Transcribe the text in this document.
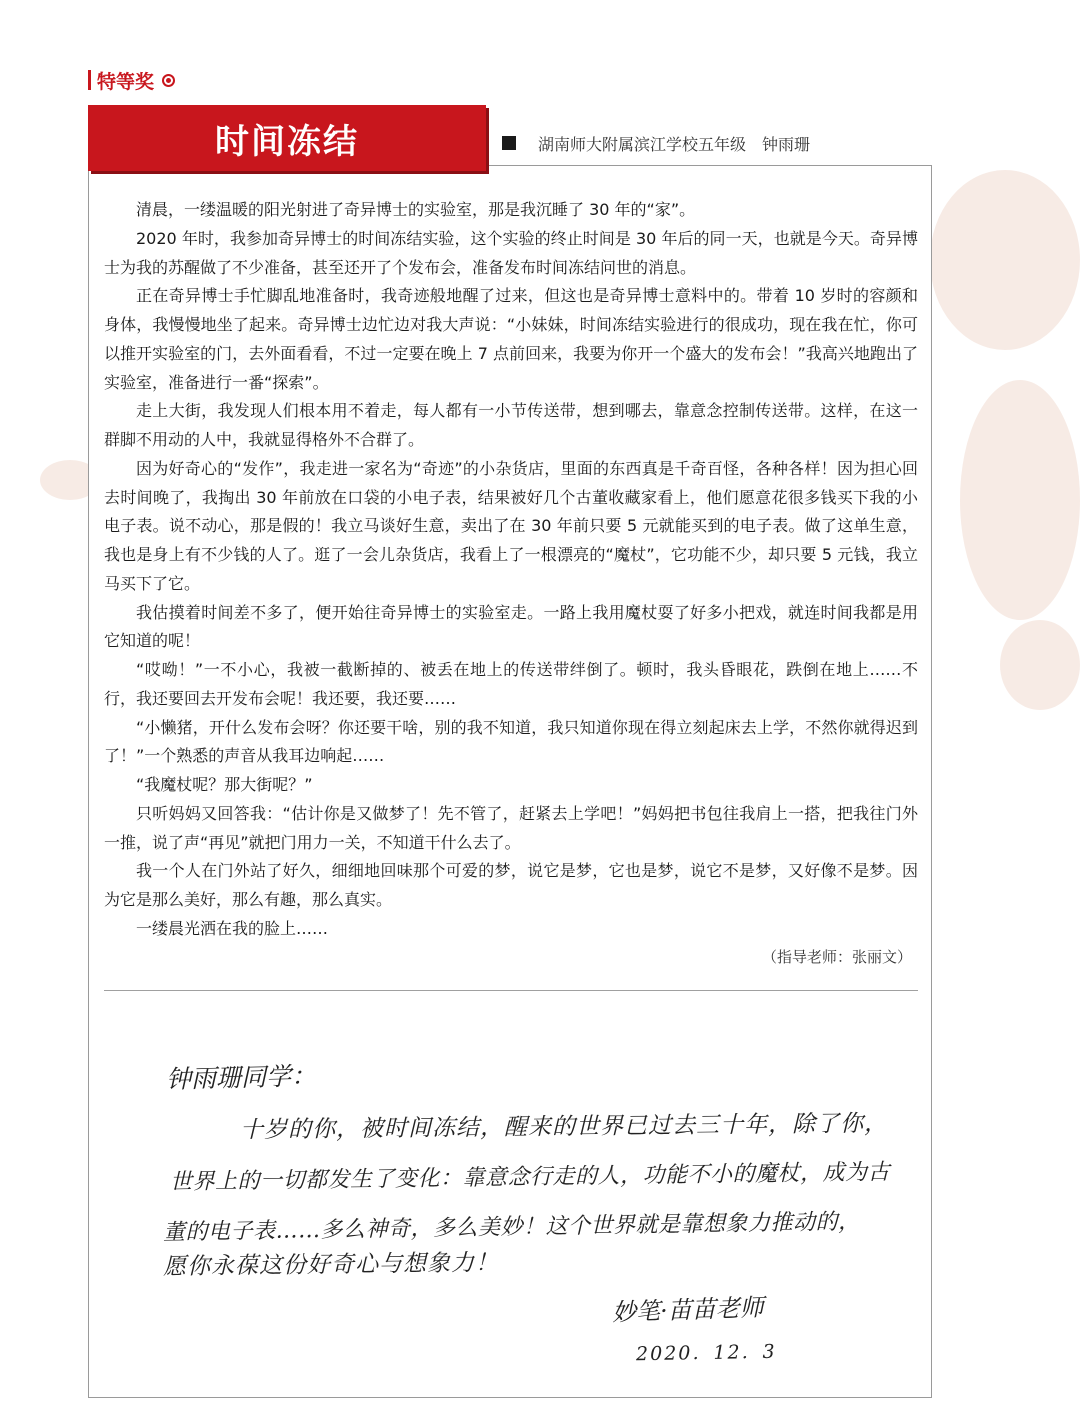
特等奖
时间冻结	湖南师大附属滨江学校五年级　钟雨珊

清晨，一缕温暖的阳光射进了奇异博士的实验室，那是我沉睡了 30 年的“家”。

2020 年时，我参加奇异博士的时间冻结实验，这个实验的终止时间是 30 年后的同一天，也就是今天。奇异博士为我的苏醒做了不少准备，甚至还开了个发布会，准备发布时间冻结问世的消息。

正在奇异博士手忙脚乱地准备时，我奇迹般地醒了过来，但这也是奇异博士意料中的。带着 10 岁时的容颜和身体，我慢慢地坐了起来。奇异博士边忙边对我大声说：“小妹妹，时间冻结实验进行的很成功，现在我在忙，你可以推开实验室的门，去外面看看，不过一定要在晚上 7 点前回来，我要为你开一个盛大的发布会！”我高兴地跑出了实验室，准备进行一番“探索”。

走上大街，我发现人们根本用不着走，每人都有一小节传送带，想到哪去，靠意念控制传送带。这样，在这一群脚不用动的人中，我就显得格外不合群了。

因为好奇心的“发作”，我走进一家名为“奇迹”的小杂货店，里面的东西真是千奇百怪，各种各样！因为担心回去时间晚了，我掏出 30 年前放在口袋的小电子表，结果被好几个古董收藏家看上，他们愿意花很多钱买下我的小电子表。说不动心，那是假的！我立马谈好生意，卖出了在 30 年前只要 5 元就能买到的电子表。做了这单生意，我也是身上有不少钱的人了。逛了一会儿杂货店，我看上了一根漂亮的“魔杖”，它功能不少，却只要 5 元钱，我立马买下了它。

我估摸着时间差不多了，便开始往奇异博士的实验室走。一路上我用魔杖耍了好多小把戏，就连时间我都是用它知道的呢！

“哎呦！”一不小心，我被一截断掉的、被丢在地上的传送带绊倒了。顿时，我头昏眼花，跌倒在地上……不行，我还要回去开发布会呢！我还要，我还要……

“小懒猪，开什么发布会呀？你还要干啥，别的我不知道，我只知道你现在得立刻起床去上学，不然你就得迟到了！”一个熟悉的声音从我耳边响起……

“我魔杖呢？那大街呢？”

只听妈妈又回答我：“估计你是又做梦了！先不管了，赶紧去上学吧！”妈妈把书包往我肩上一搭，把我往门外一推，说了声“再见”就把门用力一关，不知道干什么去了。

我一个人在门外站了好久，细细地回味那个可爱的梦，说它是梦，它也是梦，说它不是梦，又好像不是梦。因为它是那么美好，那么有趣，那么真实。

一缕晨光洒在我的脸上……

（指导老师：张丽文）
钟雨珊同学：
十岁的你，被时间冻结，醒来的世界已过去三十年，除了你，
世界上的一切都发生了变化：靠意念行走的人，功能不小的魔杖，成为古
董的电子表……多么神奇，多么美妙！这个世界就是靠想象力推动的，
愿你永葆这份好奇心与想象力！
妙笔·苗苗老师
2020．12．3
